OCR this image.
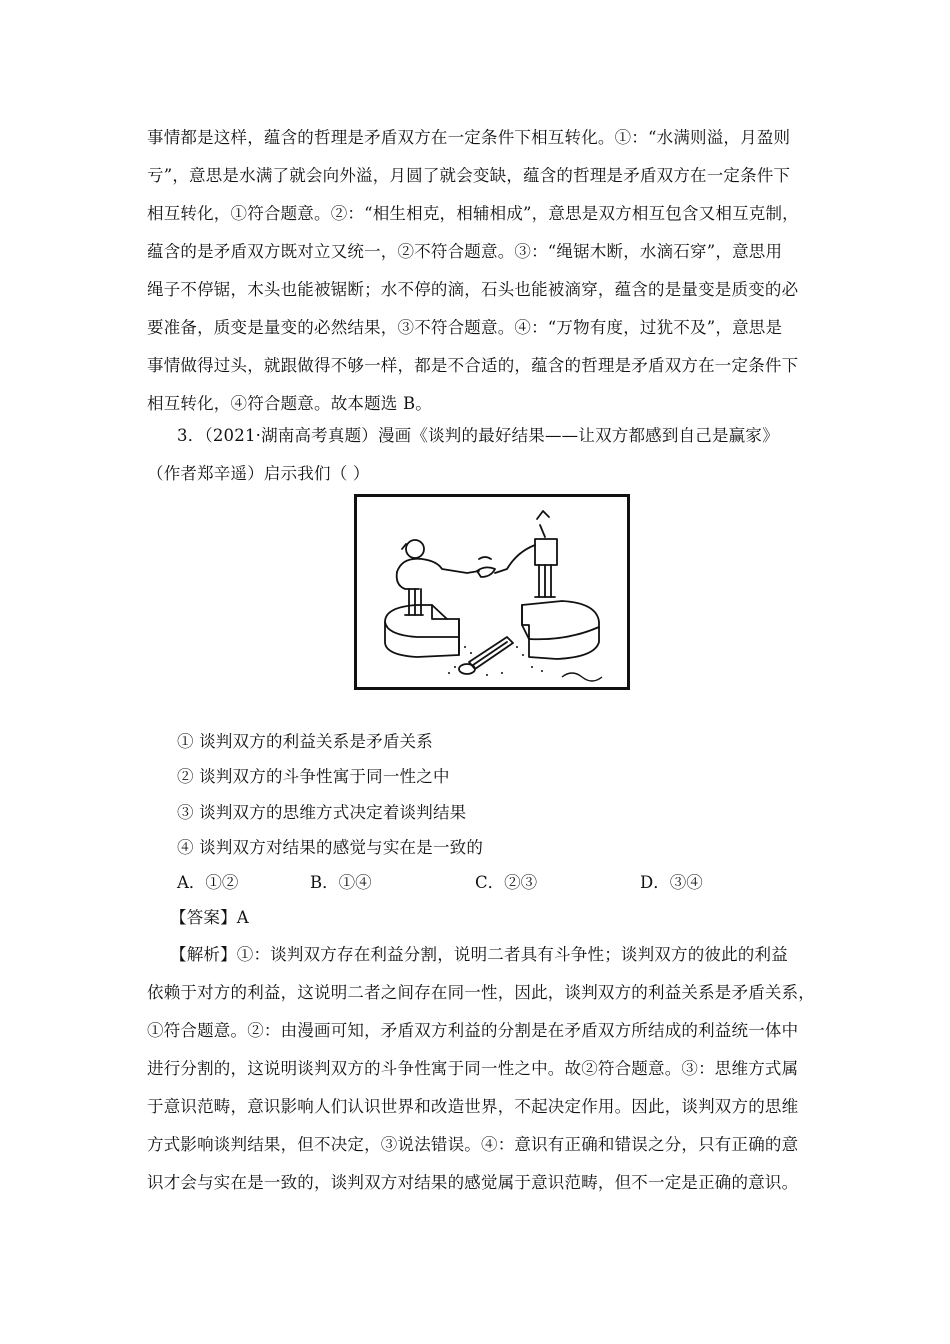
事情都是这样，蕴含的哲理是矛盾双方在一定条件下相互转化。①：“水满则溢，月盈则
亏”，意思是水满了就会向外溢，月圆了就会变缺，蕴含的哲理是矛盾双方在一定条件下
相互转化，①符合题意。②：“相生相克，相辅相成”，意思是双方相互包含又相互克制，
蕴含的是矛盾双方既对立又统一，②不符合题意。③：“绳锯木断，水滴石穿”，意思用
绳子不停锯，木头也能被锯断；水不停的滴，石头也能被滴穿，蕴含的是量变是质变的必
要准备，质变是量变的必然结果，③不符合题意。④：“万物有度，过犹不及”，意思是
事情做得过头，就跟做得不够一样，都是不合适的，蕴含的哲理是矛盾双方在一定条件下
相互转化，④符合题意。故本题选 B。
3．（2021·湖南高考真题）漫画《谈判的最好结果——让双方都感到自己是赢家》
（作者郑辛遥）启示我们（ ）
① 谈判双方的利益关系是矛盾关系
② 谈判双方的斗争性寓于同一性之中
③ 谈判双方的思维方式决定着谈判结果
④ 谈判双方对结果的感觉与实在是一致的
A．①②	B．①④	C．②③	D．③④
【答案】A
【解析】①：谈判双方存在利益分割，说明二者具有斗争性；谈判双方的彼此的利益
依赖于对方的利益，这说明二者之间存在同一性，因此，谈判双方的利益关系是矛盾关系，
①符合题意。②：由漫画可知，矛盾双方利益的分割是在矛盾双方所结成的利益统一体中
进行分割的，这说明谈判双方的斗争性寓于同一性之中。故②符合题意。③：思维方式属
于意识范畴，意识影响人们认识世界和改造世界，不起决定作用。因此，谈判双方的思维
方式影响谈判结果，但不决定，③说法错误。④：意识有正确和错误之分，只有正确的意
识才会与实在是一致的，谈判双方对结果的感觉属于意识范畴，但不一定是正确的意识。
